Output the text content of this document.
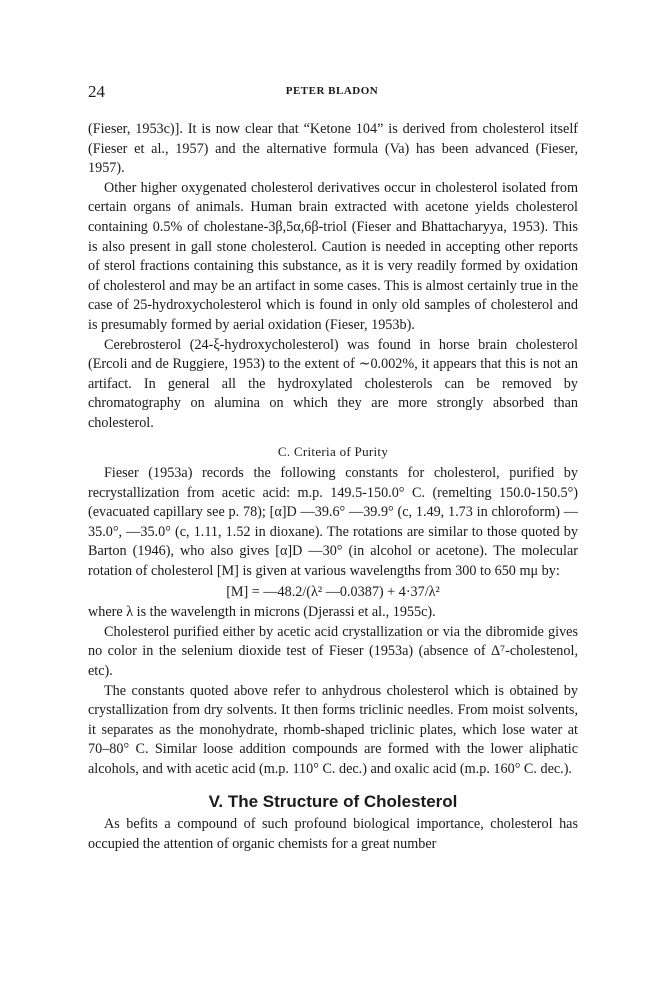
24	PETER BLADON

(Fieser, 1953c)]. It is now clear that “Ketone 104” is derived from cholesterol itself (Fieser et al., 1957) and the alternative formula (Va) has been advanced (Fieser, 1957).

Other higher oxygenated cholesterol derivatives occur in cholesterol isolated from certain organs of animals. Human brain extracted with acetone yields cholesterol containing 0.5% of cholestane-3β,5α,6β-triol (Fieser and Bhattacharyya, 1953). This is also present in gall stone cholesterol. Caution is needed in accepting other reports of sterol fractions containing this substance, as it is very readily formed by oxidation of cholesterol and may be an artifact in some cases. This is almost certainly true in the case of 25-hydroxycholesterol which is found in only old samples of cholesterol and is presumably formed by aerial oxidation (Fieser, 1953b).

Cerebrosterol (24-ξ-hydroxycholesterol) was found in horse brain cholesterol (Ercoli and de Ruggiere, 1953) to the extent of ∼0.002%, it appears that this is not an artifact. In general all the hydroxylated cholesterols can be removed by chromatography on alumina on which they are more strongly absorbed than cholesterol.

C. Criteria of Purity

Fieser (1953a) records the following constants for cholesterol, purified by recrystallization from acetic acid: m.p. 149.5-150.0° C. (remelting 150.0-150.5°) (evacuated capillary see p. 78); [α]D —39.6° —39.9° (c, 1.49, 1.73 in chloroform) —35.0°, —35.0° (c, 1.11, 1.52 in dioxane). The rotations are similar to those quoted by Barton (1946), who also gives [α]D —30° (in alcohol or acetone). The molecular rotation of cholesterol [M] is given at various wavelengths from 300 to 650 mμ by:

[M] = —48.2/(λ² —0.0387) + 4·37/λ²

where λ is the wavelength in microns (Djerassi et al., 1955c).

Cholesterol purified either by acetic acid crystallization or via the dibromide gives no color in the selenium dioxide test of Fieser (1953a) (absence of Δ⁷-cholestenol, etc).

The constants quoted above refer to anhydrous cholesterol which is obtained by crystallization from dry solvents. It then forms triclinic needles. From moist solvents, it separates as the monohydrate, rhomb-shaped triclinic plates, which lose water at 70–80° C. Similar loose addition compounds are formed with the lower aliphatic alcohols, and with acetic acid (m.p. 110° C. dec.) and oxalic acid (m.p. 160° C. dec.).

V. The Structure of Cholesterol

As befits a compound of such profound biological importance, cholesterol has occupied the attention of organic chemists for a great number
